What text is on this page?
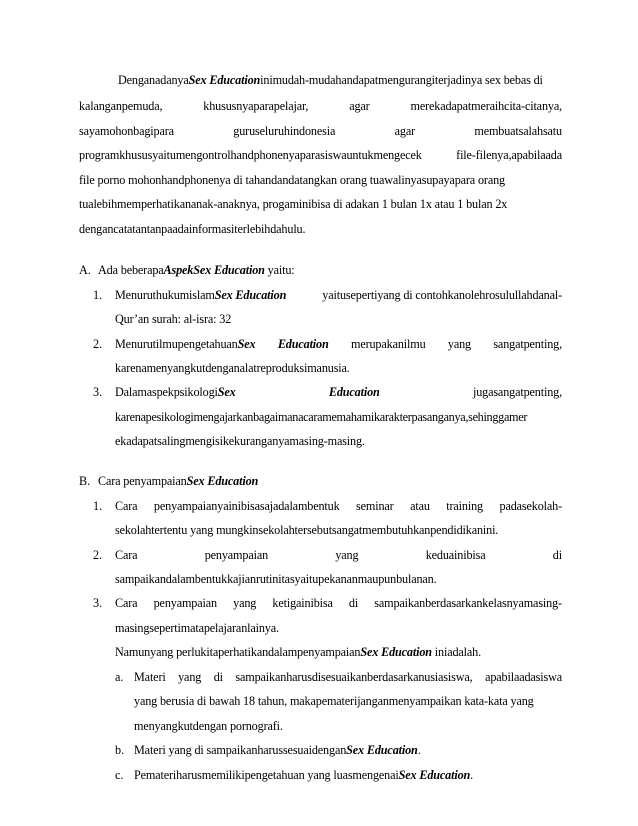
DenganadanyaSex Educationinimudah-mudahandapatmengurangiterjadinya sex bebas di
kalanganpemuda,	khususnyaparapelajar,	agar	merekadapatmeraihcita-citanya,
sayamohonbagipara	guruseluruhindonesia	agar	membuatsalahsatu
programkhususyaitumengontrolhandphonenyaparasiswauntukmengecek	file-filenya,apabilaada
file porno mohonhandphonenya di tahandandatangkan orang tuawalinyasupayapara orang
tualebihmemperhatikananak-anaknya, progaminibisa di adakan 1 bulan 1x atau 1 bulan 2x
dengancatatantanpaadainformasiterlebihdahulu.
A. Ada beberapaAspekSex Education yaitu:
1. MenuruthukumislamSex Education	yaitusepertiyang di contohkanolehrosulullahdanal-
Qur’an surah: al-isra: 32
2. MenurutilmupengetahuanSex Education merupakanilmu yang sangatpenting,
karenamenyangkutdenganalatreproduksimanusia.
3. DalamaspekpsikologiSex	Education	jugasangatpenting,
karenapesikologimengajarkanbagaimanacaramemahamikarakterpasanganya,sehinggamer
ekadapatsalingmengisikekuranganyamasing-masing.
B. Cara penyampaianSex Education
1. Cara penyampaianyainibisasajadalambentuk seminar atau training padasekolah-
sekolahtertentu yang mungkinsekolahtersebutsangatmembutuhkanpendidikanini.
2. Cara	penyampaian	yang	keduainibisa	di
sampaikandalambentukkajianrutinitasyaitupekananmaupunbulanan.
3. Cara penyampaian yang ketigainibisa di sampaikanberdasarkankelasnyamasing-
masingsepertimatapelajaranlainya.
Namunyang perlukitaperhatikandalampenyampaianSex Education iniadalah.
a. Materi yang di sampaikanharusdisesuaikanberdasarkanusiasiswa, apabilaadasiswa
yang berusia di bawah 18 tahun, makapematerijanganmenyampaikan kata-kata yang
menyangkutdengan pornografi.
b. Materi yang di sampaikanharussesuaidenganSex Education.
c. Pemateriharusmemilikipengetahuan yang luasmengenaiSex Education.
